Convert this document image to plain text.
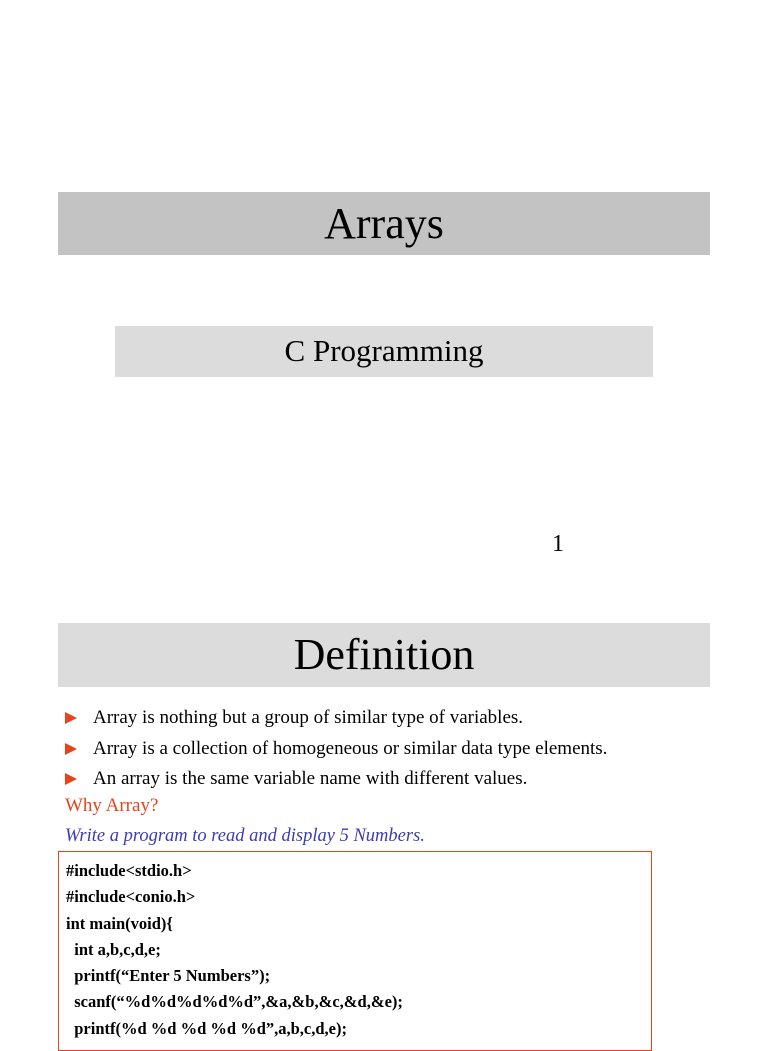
Arrays
C Programming
1
Definition
Array is nothing but a group of similar type of variables.
Array is a collection of homogeneous or similar data type elements.
An array is the same variable name with different values.
Why Array?
Write a program to read and display 5 Numbers.
#include<stdio.h>
#include<conio.h>
int main(void){
int a,b,c,d,e;
printf(“Enter 5 Numbers”);
scanf(“%d%d%d%d%d”,&a,&b,&c,&d,&e);
printf(%d %d %d %d %d”,a,b,c,d,e);
